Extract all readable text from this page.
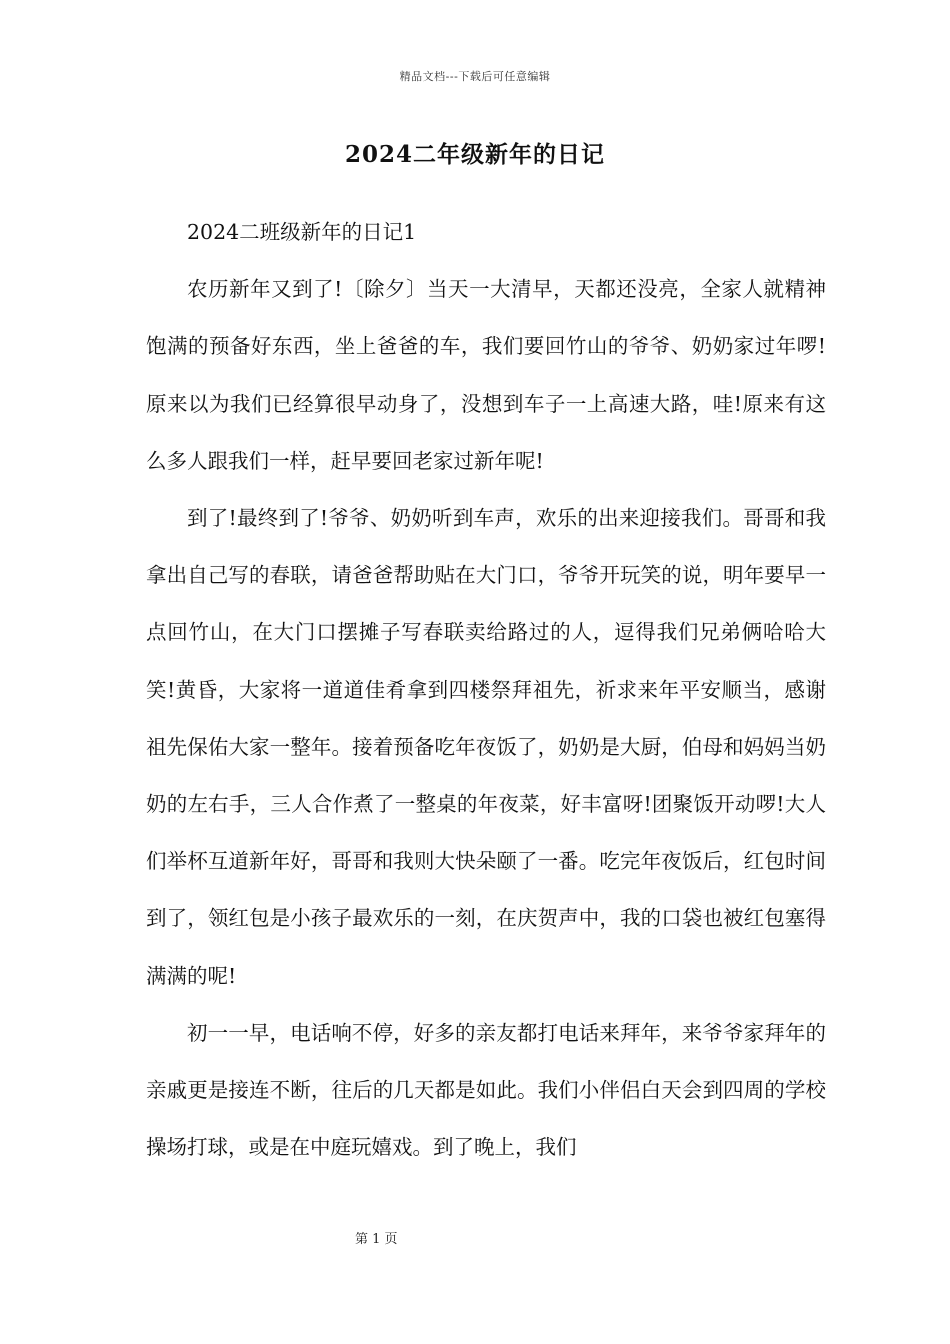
精品文档---下载后可任意编辑
2024二年级新年的日记

2024二班级新年的日记1

农历新年又到了!〔除夕〕当天一大清早，天都还没亮，全家人就精神饱满的预备好东西，坐上爸爸的车，我们要回竹山的爷爷、奶奶家过年啰!原来以为我们已经算很早动身了，没想到车子一上高速大路，哇!原来有这么多人跟我们一样，赶早要回老家过新年呢!

到了!最终到了!爷爷、奶奶听到车声，欢乐的出来迎接我们。哥哥和我拿出自己写的春联，请爸爸帮助贴在大门口，爷爷开玩笑的说，明年要早一点回竹山，在大门口摆摊子写春联卖给路过的人，逗得我们兄弟俩哈哈大笑!黄昏，大家将一道道佳肴拿到四楼祭拜祖先，祈求来年平安顺当，感谢祖先保佑大家一整年。接着预备吃年夜饭了，奶奶是大厨，伯母和妈妈当奶奶的左右手，三人合作煮了一整桌的年夜菜，好丰富呀!团聚饭开动啰!大人们举杯互道新年好，哥哥和我则大快朵颐了一番。吃完年夜饭后，红包时间到了，领红包是小孩子最欢乐的一刻，在庆贺声中，我的口袋也被红包塞得满满的呢!

初一一早，电话响不停，好多的亲友都打电话来拜年，来爷爷家拜年的亲戚更是接连不断，往后的几天都是如此。我们小伴侣白天会到四周的学校操场打球，或是在中庭玩嬉戏。到了晚上，我们

第 1 页
